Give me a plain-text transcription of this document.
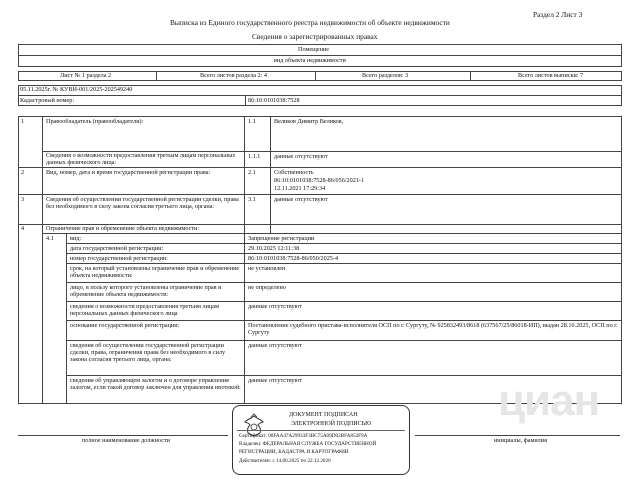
Раздел 2 Лист 3
Выписка из Единого государственного реестра недвижимости об объекте недвижимости
Сведения о зарегистрированных правах
Помещение
вид объекта недвижимости
Лист № 1 раздела 2	Всего листов раздела 2: 4	Всего разделов: 3	Всего листов выписки: 7
05.11.2025г. № КУВИ-001/2025-202549240
Кадастровый номер:	86:10:0101038:7528
1	Правообладатель (правообладатели):	1.1	Великов Димитр Великов,
Сведения о возможности предоставления третьим лицам персональных данных физического лица:
1.1.1 данные отсутствуют
2	Вид, номер, дата и время государственной регистрации права:	2.1	Собственность
86:10:0101038:7528-86/056/2021-1
12.11.2021 17:29:34
3	Сведения об осуществлении государственной регистрации сделки, права без необходимого в силу закона согласия третьего лица, органа:
3.1	данные отсутствуют
4	Ограничение прав и обременение объекта недвижимости:
4.1	вид:	Запрещение регистрации
дата государственной регистрации:	29.10.2025 12:11:38
номер государственной регистрации:	86:10:0101038:7528-86/050/2025-4
срок, на который установлены ограничение прав и обременение объекта недвижимости:
не установлен
лицо, в пользу которого установлены ограничение прав и обременение объекта недвижимости:
не определено
сведения о возможности предоставления третьим лицам персональных данных физического лица
данные отсутствуют
основание государственной регистрации:	Постановление судебного пристава-исполнителя ОСП по г. Сургуту, № 925832493/8618 (637567/25/86018-ИП), выдан 28.10.2025, ОСП по г. Сургуту
сведения об осуществлении государственной регистрации сделки, права, ограничения права без необходимого в силу закона согласия третьего лица, органа:
данные отсутствуют
сведения об управляющем залогом и о договоре управления залогом, если такой договор заключен для управления ипотекой:
данные отсутствуют
полное наименование должности	инициалы, фамилия
циан
ДОКУМЕНТ ПОДПИСАН
ЭЛЕКТРОННОЙ ПОДПИСЬЮ
Сертификат: 00FAA47A29933F3BC75A09D02BFA852F9A
Владелец: ФЕДЕРАЛЬНАЯ СЛУЖБА ГОСУДАРСТВЕННОЙ
РЕГИСТРАЦИИ, КАДАСТРА И КАРТОГРАФИИ
Действителен: с 14.06.2025 по 22.12.2026
